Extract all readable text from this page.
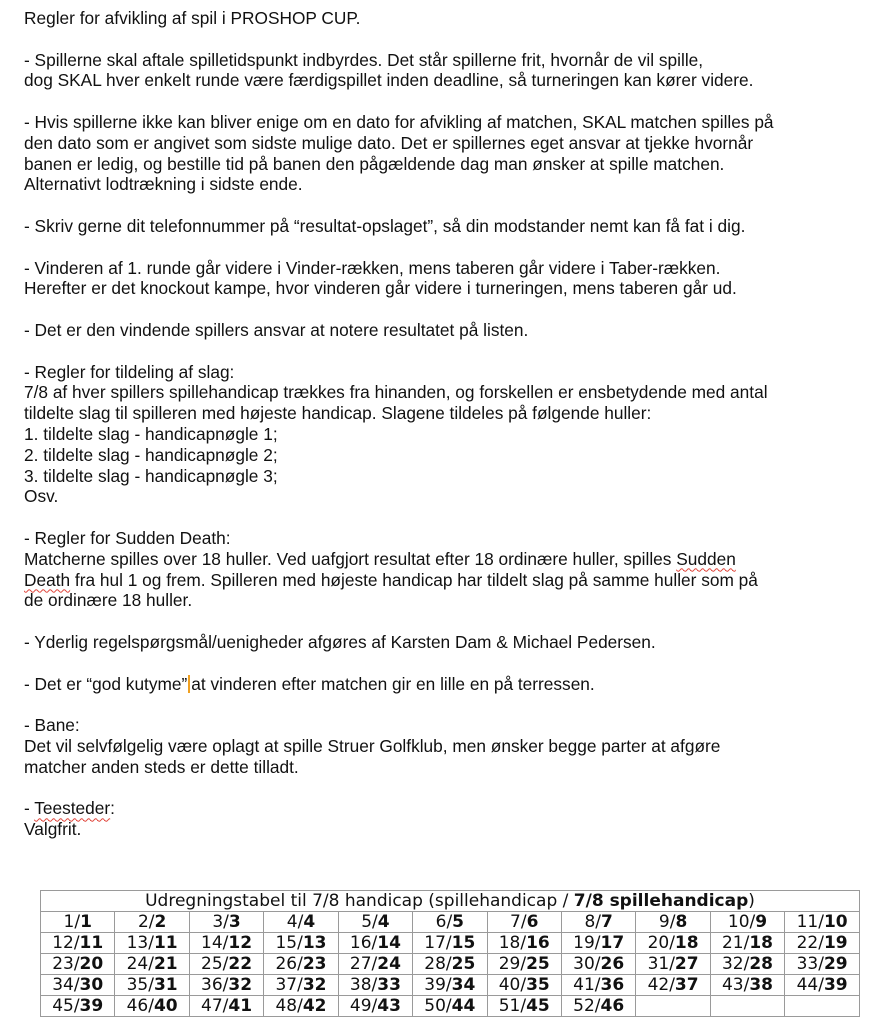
Regler for afvikling af spil i PROSHOP CUP.
- Spillerne skal aftale spilletidspunkt indbyrdes. Det står spillerne frit, hvornår de vil spille,
dog SKAL hver enkelt runde være færdigspillet inden deadline, så turneringen kan kører videre.
- Hvis spillerne ikke kan bliver enige om en dato for afvikling af matchen, SKAL matchen spilles på
den dato som er angivet som sidste mulige dato. Det er spillernes eget ansvar at tjekke hvornår
banen er ledig, og bestille tid på banen den pågældende dag man ønsker at spille matchen.
Alternativt lodtrækning i sidste ende.
- Skriv gerne dit telefonnummer på “resultat-opslaget”, så din modstander nemt kan få fat i dig.
- Vinderen af 1. runde går videre i Vinder-rækken, mens taberen går videre i Taber-rækken.
Herefter er det knockout kampe, hvor vinderen går videre i turneringen, mens taberen går ud.
- Det er den vindende spillers ansvar at notere resultatet på listen.
- Regler for tildeling af slag:
7/8 af hver spillers spillehandicap trækkes fra hinanden, og forskellen er ensbetydende med antal
tildelte slag til spilleren med højeste handicap. Slagene tildeles på følgende huller:
1. tildelte slag - handicapnøgle 1;
2. tildelte slag - handicapnøgle 2;
3. tildelte slag - handicapnøgle 3;
Osv.
- Regler for Sudden Death:
Matcherne spilles over 18 huller. Ved uafgjort resultat efter 18 ordinære huller, spilles Sudden
Death fra hul 1 og frem. Spilleren med højeste handicap har tildelt slag på samme huller som på
de ordinære 18 huller.
- Yderlig regelspørgsmål/uenigheder afgøres af Karsten Dam & Michael Pedersen.
- Det er “god kutyme” at vinderen efter matchen gir en lille en på terressen.
- Bane:
Det vil selvfølgelig være oplagt at spille Struer Golfklub, men ønsker begge parter at afgøre
matcher anden steds er dette tilladt.
- Teesteder:
Valgfrit.
Udregningstabel til 7/8 handicap (spillehandicap / 7/8 spillehandicap)										
1/1	2/2	3/3	4/4	5/4	6/5	7/6	8/7	9/8	10/9	11/10
12/11	13/11	14/12	15/13	16/14	17/15	18/16	19/17	20/18	21/18	22/19
23/20	24/21	25/22	26/23	27/24	28/25	29/25	30/26	31/27	32/28	33/29
34/30	35/31	36/32	37/32	38/33	39/34	40/35	41/36	42/37	43/38	44/39
45/39	46/40	47/41	48/42	49/43	50/44	51/45	52/46			
